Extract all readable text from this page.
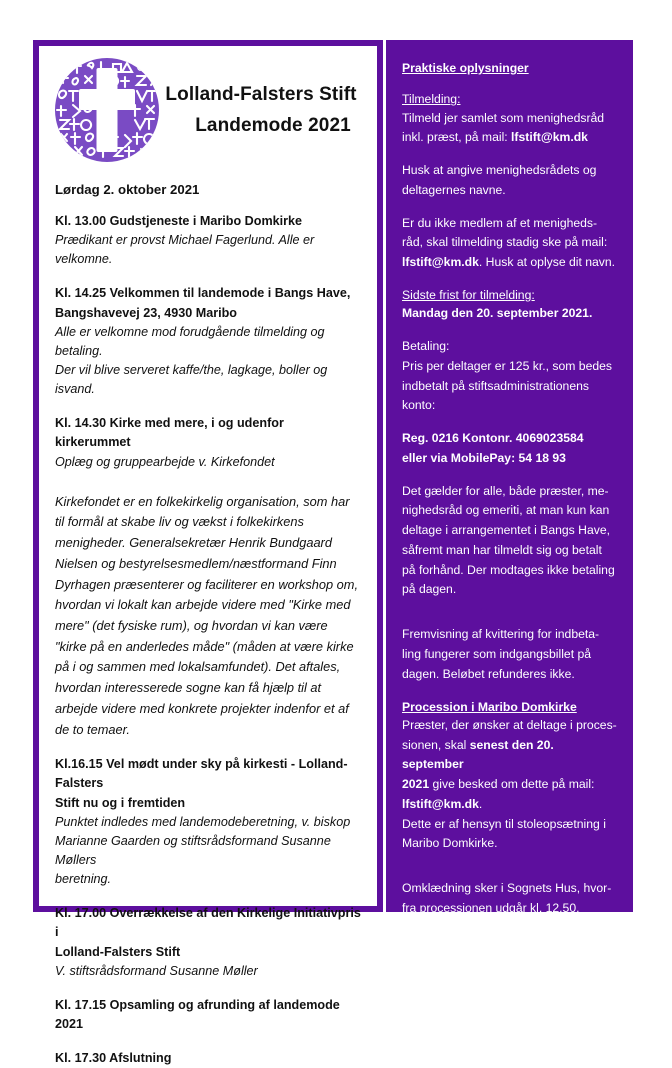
Lolland-Falsters Stift
Landemode 2021
Lørdag 2. oktober 2021
Kl. 13.00 Gudstjeneste i Maribo Domkirke
Prædikant er provst Michael Fagerlund. Alle er velkomne.
Kl. 14.25 Velkommen til landemode i Bangs Have,
Bangshavevej 23, 4930 Maribo
Alle er velkomne mod forudgående tilmelding og betaling.
Der vil blive serveret kaffe/the, lagkage, boller og isvand.
Kl. 14.30 Kirke med mere, i og udenfor kirkerummet
Oplæg og gruppearbejde v. Kirkefondet
Kirkefondet er en folkekirkelig organisation, som har til formål at skabe liv og vækst i folkekirkens menigheder. Generalsekretær Henrik Bundgaard Nielsen og bestyrelsesmedlem/næstformand Finn Dyrhagen præsenterer og faciliterer en workshop om, hvordan vi lokalt kan arbejde videre med "Kirke med mere" (det fysiske rum), og hvordan vi kan være "kirke på en anderledes måde" (måden at være kirke på i og sammen med lokalsamfundet). Det aftales, hvordan interesserede sogne kan få hjælp til at arbejde videre med konkrete projekter indenfor et af de to temaer.
Kl.16.15 Vel mødt under sky på kirkesti - Lolland-Falsters
Stift nu og i fremtiden
Punktet indledes med landemodeberetning, v. biskop
Marianne Gaarden og stiftsrådsformand Susanne Møllers
beretning.
Kl. 17.00 Overrækkelse af den Kirkelige Initiativpris i
Lolland-Falsters Stift
V. stiftsrådsformand Susanne Møller
Kl. 17.15 Opsamling og afrunding af landemode 2021
Kl. 17.30 Afslutning
Praktiske oplysninger
Tilmelding:
Tilmeld jer samlet som menighedsråd
inkl. præst, på mail: lfstift@km.dk
Husk at angive menighedsrådets og
deltagernes navne.
Er du ikke medlem af et menigheds-
råd, skal tilmelding stadig ske på mail:
lfstift@km.dk. Husk at oplyse dit navn.
Sidste frist for tilmelding:
Mandag den 20. september 2021.
Betaling:
Pris per deltager er 125 kr., som bedes
indbetalt på stiftsadministrationens
konto:
Reg. 0216 Kontonr. 4069023584
eller via MobilePay: 54 18 93
Det gælder for alle, både præster, me-
nighedsråd og emeriti, at man kun kan
deltage i arrangementet i Bangs Have,
såfremt man har tilmeldt sig og betalt
på forhånd. Der modtages ikke betaling
på dagen.
Fremvisning af kvittering for indbeta-
ling fungerer som indgangsbillet på
dagen. Beløbet refunderes ikke.
Procession i Maribo Domkirke
Præster, der ønsker at deltage i proces-
sionen, skal senest den 20. september
2021 give besked om dette på mail:
lfstift@km.dk.
Dette er af hensyn til stoleopsætning i
Maribo Domkirke.
Omklædning sker i Sognets Hus, hvor-
fra processionen udgår kl. 12.50.
